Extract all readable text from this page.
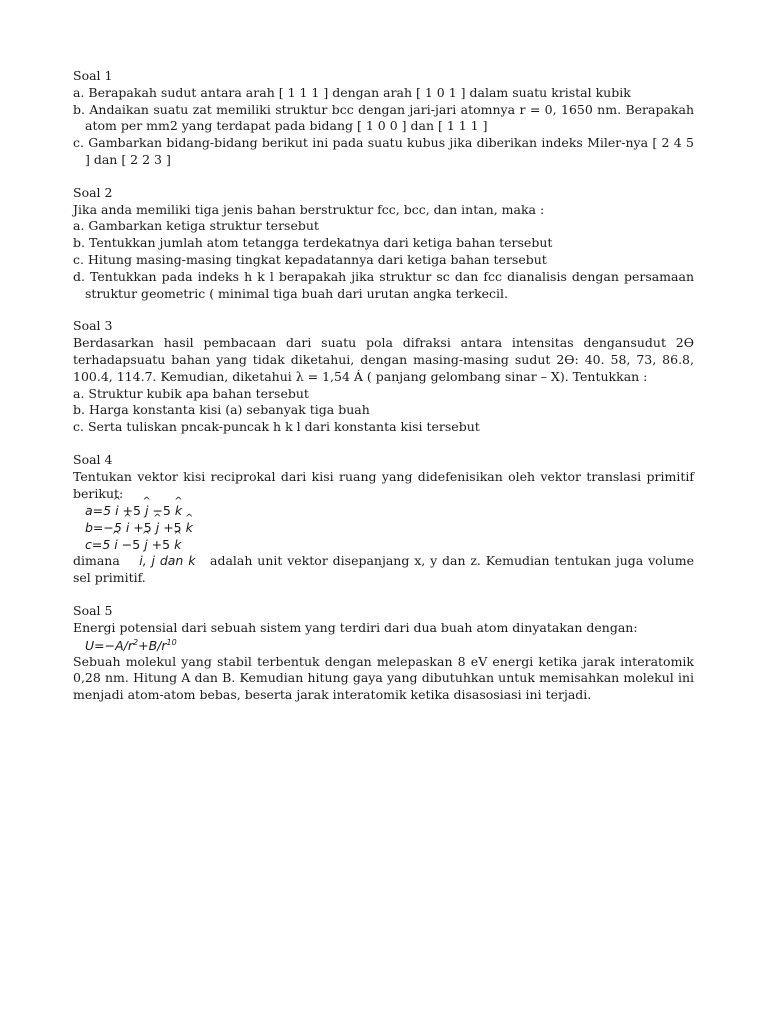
Soal 1

a. Berapakah sudut antara arah [ 1 1 1 ] dengan arah [ 1 0 1 ] dalam suatu kristal kubik

b. Andaikan suatu zat memiliki struktur bcc dengan jari-jari atomnya r = 0, 1650 nm. Berapakah atom per mm2 yang terdapat pada bidang [ 1 0 0 ] dan [ 1 1 1 ]

c. Gambarkan bidang-bidang berikut ini pada suatu kubus jika diberikan indeks Miler-nya [ 2 4 5 ] dan [ 2 2 3 ]

Soal 2

Jika anda memiliki tiga jenis bahan berstruktur fcc, bcc, dan intan, maka :

a. Gambarkan ketiga struktur tersebut

b. Tentukkan jumlah atom tetangga terdekatnya dari ketiga bahan tersebut

c. Hitung masing-masing tingkat kepadatannya dari ketiga bahan tersebut

d. Tentukkan pada indeks h k l berapakah jika struktur sc dan fcc dianalisis dengan persamaan struktur geometric ( minimal tiga buah dari urutan angka terkecil.

Soal 3

Berdasarkan hasil pembacaan dari suatu pola difraksi antara intensitas dengansudut 2Ɵ terhadapsuatu bahan yang tidak diketahui, dengan masing-masing sudut 2Ɵ: 40. 58, 73, 86.8, 100.4, 114.7. Kemudian, diketahui λ = 1,54 Á ( panjang gelombang sinar – X). Tentukkan :

a. Struktur kubik apa bahan tersebut

b. Harga konstanta kisi (a) sebanyak tiga buah

c. Serta tuliskan pncak-puncak h k l dari konstanta kisi tersebut

Soal 4

Tentukan vektor kisi reciprokal dari kisi ruang yang didefenisikan oleh vektor translasi primitif berikut:

a=5 ^ i +5 ^ j −5 ^ k
b=−5 ^ i +5 ^ j +5 ^ k
c=5 ^ i −5 ^ j +5 ^ k

dimana i, j dan k adalah unit vektor disepanjang x, y dan z. Kemudian tentukan juga volume sel primitif.

Soal 5

Energi potensial dari sebuah sistem yang terdiri dari dua buah atom dinyatakan dengan:

$U=-A/r^2+B/r^{10}$

Sebuah molekul yang stabil terbentuk dengan melepaskan 8 eV energi ketika jarak interatomik 0,28 nm. Hitung A dan B. Kemudian hitung gaya yang dibutuhkan untuk memisahkan molekul ini menjadi atom-atom bebas, beserta jarak interatomik ketika disasosiasi ini terjadi.
